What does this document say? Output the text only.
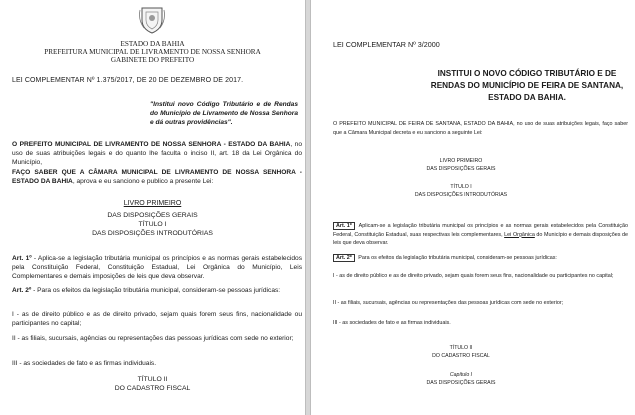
ESTADO DA BAHIA
PREFEITURA MUNICIPAL DE LIVRAMENTO DE NOSSA SENHORA
GABINETE DO PREFEITO
LEI COMPLEMENTAR Nº 1.375/2017, DE 20 DE DEZEMBRO DE 2017.
"Institui novo Código Tributário e de Rendas do Município de Livramento de Nossa Senhora e dá outras providências".
O PREFEITO MUNICIPAL DE LIVRAMENTO DE NOSSA SENHORA - ESTADO DA BAHIA, no uso de suas atribuições legais e do quanto lhe faculta o inciso II, art. 18 da Lei Orgânica do Município,
FAÇO SABER QUE A CÂMARA MUNICIPAL DE LIVRAMENTO DE NOSSA SENHORA - ESTADO DA BAHIA, aprova e eu sanciono e publico a presente Lei:
LIVRO PRIMEIRO
DAS DISPOSIÇÕES GERAIS
TÍTULO I
DAS DISPOSIÇÕES INTRODUTÓRIAS
Art. 1º - Aplica-se a legislação tributária municipal os princípios e as normas gerais estabelecidos pela Constituição Federal, Constituição Estadual, Lei Orgânica do Município, Leis Complementares e demais imposições de leis que deva observar.
Art. 2º - Para os efeitos da legislação tributária municipal, consideram-se pessoas jurídicas:
I - as de direito público e as de direito privado, sejam quais forem seus fins, nacionalidade ou participantes no capital;
II - as filiais, sucursais, agências ou representações das pessoas jurídicas com sede no exterior;
III - as sociedades de fato e as firmas individuais.
TÍTULO II
DO CADASTRO FISCAL
LEI COMPLEMENTAR Nº 3/2000
INSTITUI O NOVO CÓDIGO TRIBUTÁRIO E DE RENDAS DO MUNICÍPIO DE FEIRA DE SANTANA, ESTADO DA BAHIA.
O PREFEITO MUNICIPAL DE FEIRA DE SANTANA, ESTADO DA BAHIA, no uso de suas atribuições legais, faço saber que a Câmara Municipal decreta e eu sanciono a seguinte Lei:
LIVRO PRIMEIRO
DAS DISPOSIÇÕES GERAIS
TÍTULO I
DAS DISPOSIÇÕES INTRODUTÓRIAS
Art. 1º Aplicam-se a legislação tributária municipal os princípios e as normas gerais estabelecidos pela Constituição Federal, Constituição Estadual, suas respectivas leis complementares, Lei Orgânica do Município e demais disposições de leis que deva observar.
Art. 2º Para os efeitos da legislação tributária municipal, consideram-se pessoas jurídicas:
I - as de direito público e as de direito privado, sejam quais forem seus fins, nacionalidade ou participantes no capital;
II - as filiais, sucursais, agências ou representações das pessoas jurídicas com sede no exterior;
III - as sociedades de fato e as firmas individuais.
TÍTULO II
DO CADASTRO FISCAL
Capítulo I
DAS DISPOSIÇÕES GERAIS
